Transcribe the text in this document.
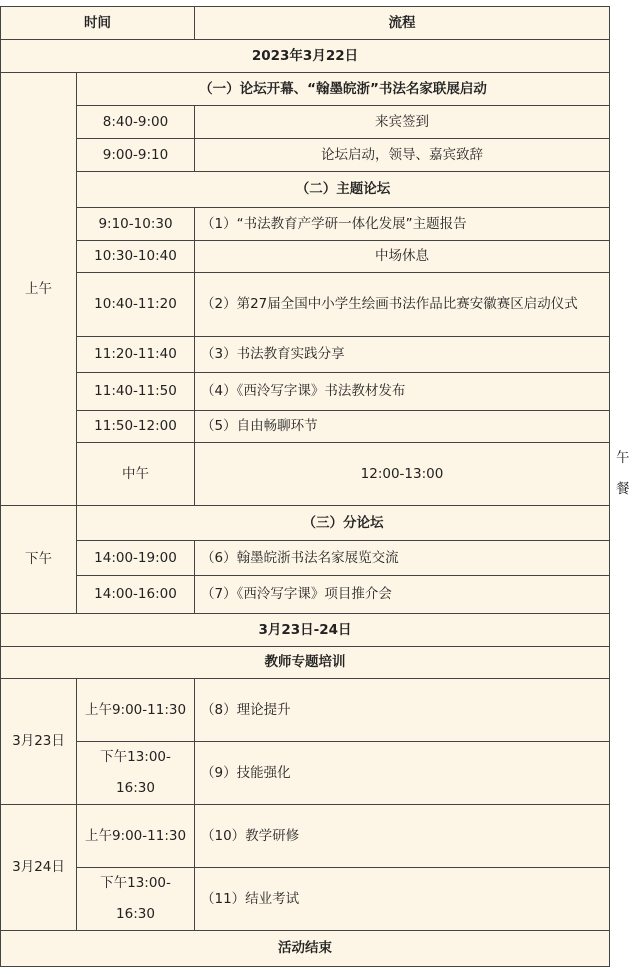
时间		流程	
2023年3月22日			
上午	（一）论坛开幕、“翰墨皖浙”书法名家联展启动		
	8:40-9:00	来宾签到	
	9:00-9:10	论坛启动，领导、嘉宾致辞	
	（二）主题论坛		
	9:10-10:30	（1）“书法教育产学研一体化发展”主题报告	
	10:30-10:40	中场休息	
	10:40-11:20	（2）第27届全国中小学生绘画书法作品比赛安徽赛区启动仪式	
	11:20-11:40	（3）书法教育实践分享	
	11:40-11:50	（4）《西泠写字课》书法教材发布	
	11:50-12:00	（5）自由畅聊环节	
	中午	12:00-13:00	午餐
下午	（三）分论坛		
	14:00-19:00	（6）翰墨皖浙书法名家展览交流	
	14:00-16:00	（7）《西泠写字课》项目推介会	
3月23日-24日			
教师专题培训			
3月23日	上午9:00-11:30	（8）理论提升	
	下午13:00-16:30	（9）技能强化	
3月24日	上午9:00-11:30	（10）教学研修	
	下午13:00-16:30	（11）结业考试	
活动结束			
